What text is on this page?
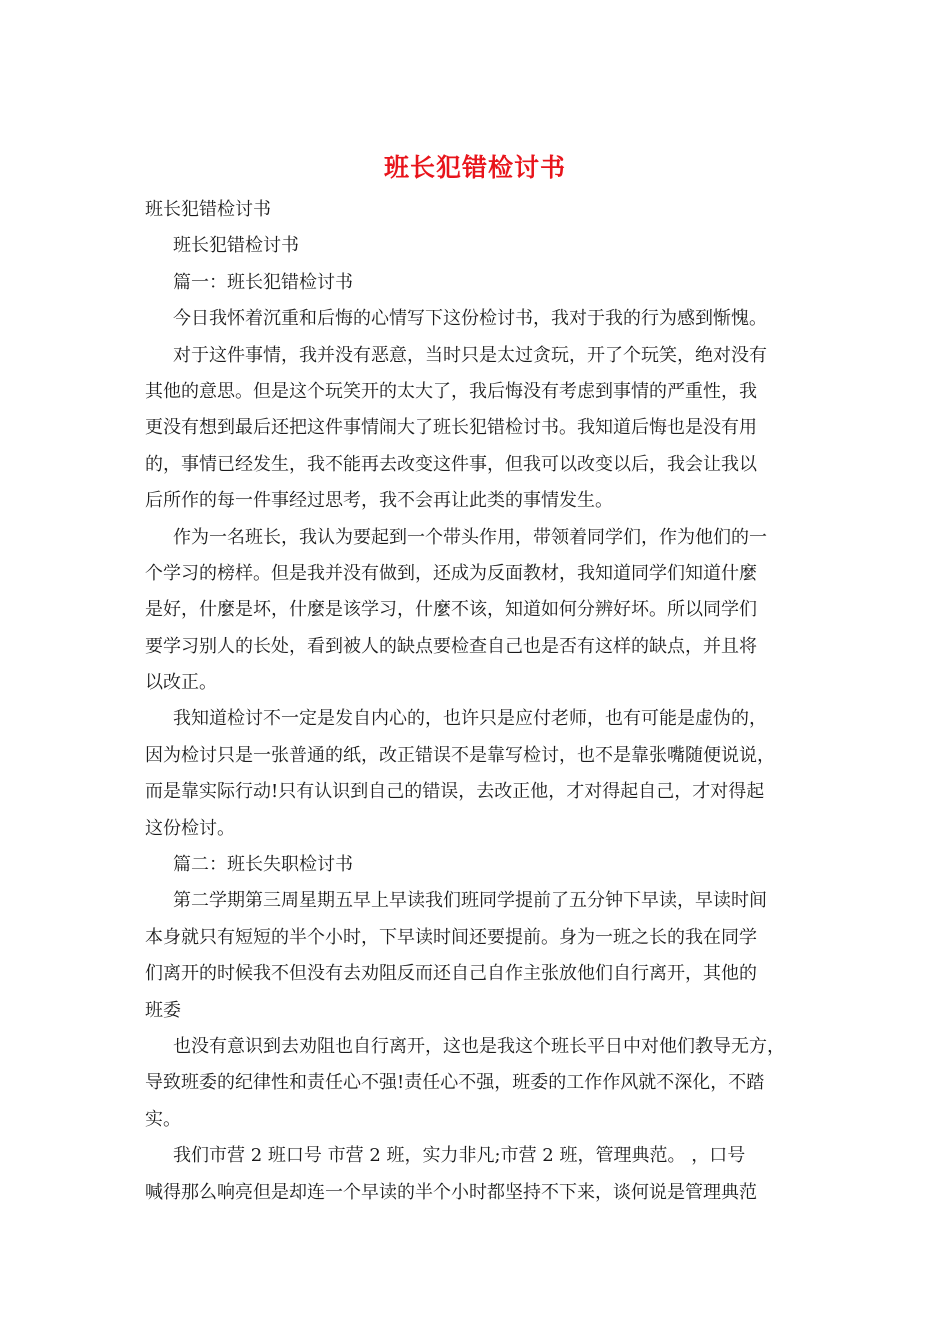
班长犯错检讨书
班长犯错检讨书
班长犯错检讨书
篇一：班长犯错检讨书
今日我怀着沉重和后悔的心情写下这份检讨书，我对于我的行为感到惭愧。
对于这件事情，我并没有恶意，当时只是太过贪玩，开了个玩笑，绝对没有
其他的意思。但是这个玩笑开的太大了，我后悔没有考虑到事情的严重性，我
更没有想到最后还把这件事情闹大了班长犯错检讨书。我知道后悔也是没有用
的，事情已经发生，我不能再去改变这件事，但我可以改变以后，我会让我以
后所作的每一件事经过思考，我不会再让此类的事情发生。
作为一名班长，我认为要起到一个带头作用，带领着同学们，作为他们的一
个学习的榜样。但是我并没有做到，还成为反面教材，我知道同学们知道什麼
是好，什麼是坏，什麼是该学习，什麼不该，知道如何分辨好坏。所以同学们
要学习别人的长处，看到被人的缺点要检查自己也是否有这样的缺点，并且将
以改正。
我知道检讨不一定是发自内心的，也许只是应付老师，也有可能是虚伪的，
因为检讨只是一张普通的纸，改正错误不是靠写检讨，也不是靠张嘴随便说说，
而是靠实际行动!只有认识到自己的错误，去改正他，才对得起自己，才对得起
这份检讨。
篇二：班长失职检讨书
第二学期第三周星期五早上早读我们班同学提前了五分钟下早读，早读时间
本身就只有短短的半个小时，下早读时间还要提前。身为一班之长的我在同学
们离开的时候我不但没有去劝阻反而还自己自作主张放他们自行离开，其他的
班委
也没有意识到去劝阻也自行离开，这也是我这个班长平日中对他们教导无方，
导致班委的纪律性和责任心不强!责任心不强，班委的工作作风就不深化，不踏
实。
我们市营 2 班口号 市营 2 班，实力非凡;市营 2 班，管理典范。 ，口号
喊得那么响亮但是却连一个早读的半个小时都坚持不下来，谈何说是管理典范
